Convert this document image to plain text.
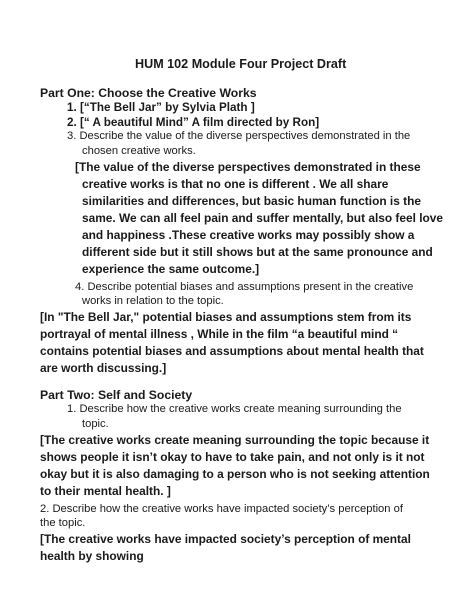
HUM 102 Module Four Project Draft
Part One: Choose the Creative Works
1. [“The Bell Jar” by Sylvia Plath ]
2. [“ A beautiful Mind” A film directed by Ron]
3. Describe the value of the diverse perspectives demonstrated in the
chosen creative works.
[The value of the diverse perspectives demonstrated in these
creative works is that no one is different . We all share
similarities and differences, but basic human function is the
same. We can all feel pain and suffer mentally, but also feel love
and happiness .These creative works may possibly show a
different side but it still shows but at the same pronounce and
experience the same outcome.]
4. Describe potential biases and assumptions present in the creative
works in relation to the topic.
[In "The Bell Jar," potential biases and assumptions stem from its
portrayal of mental illness , While in the film “a beautiful mind “
contains potential biases and assumptions about mental health that
are worth discussing.]
Part Two: Self and Society
1. Describe how the creative works create meaning surrounding the
topic.
[The creative works create meaning surrounding the topic because it
shows people it isn’t okay to have to take pain, and not only is it not
okay but it is also damaging to a person who is not seeking attention
to their mental health. ]
2. Describe how the creative works have impacted society’s perception of
the topic.
[The creative works have impacted society’s perception of mental
health by showing
